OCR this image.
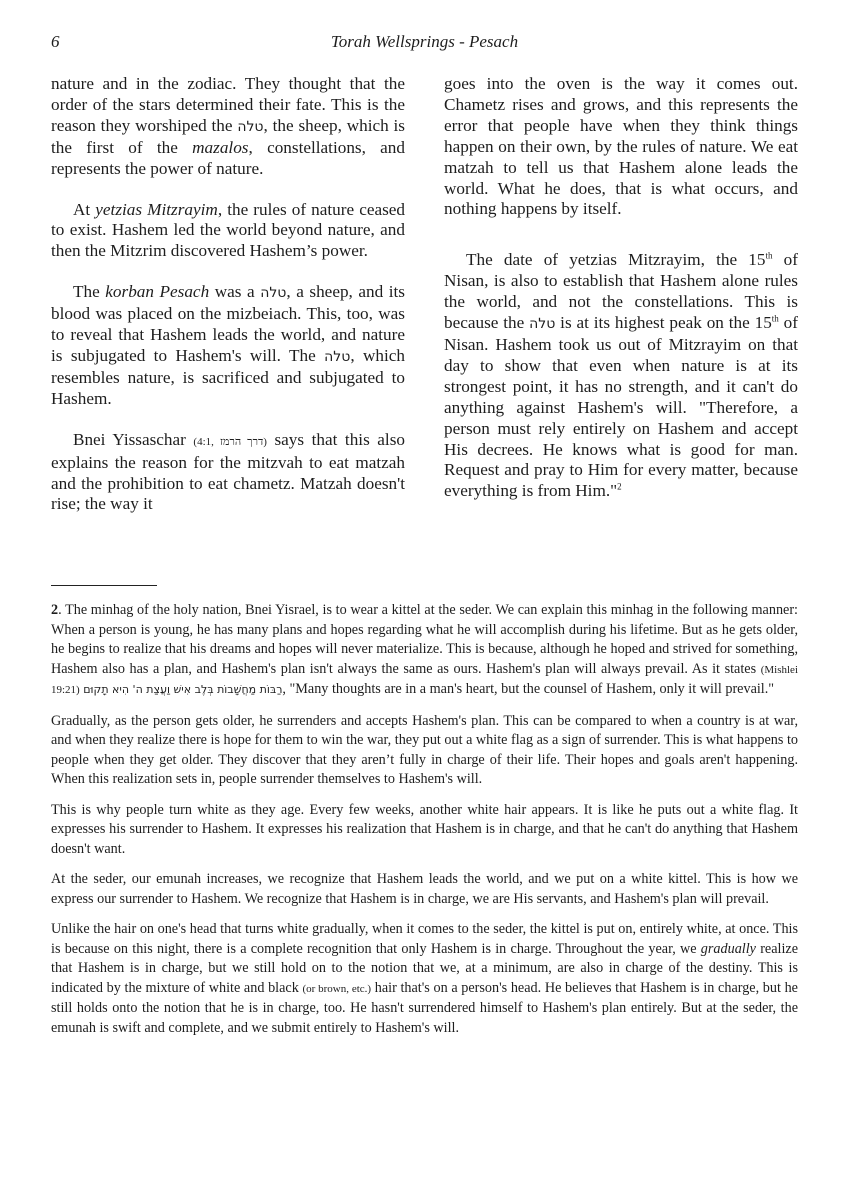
6	Torah Wellsprings - Pesach

nature and in the zodiac. They thought that the order of the stars determined their fate. This is the reason they worshiped the טלה, the sheep, which is the first of the mazalos, constellations, and represents the power of nature.

At yetzias Mitzrayim, the rules of nature ceased to exist. Hashem led the world beyond nature, and then the Mitzrim discovered Hashem’s power.

The korban Pesach was a טלה, a sheep, and its blood was placed on the mizbeiach. This, too, was to reveal that Hashem leads the world, and nature is subjugated to Hashem's will. The טלה, which resembles nature, is sacrificed and subjugated to Hashem.

Bnei Yissaschar (4:1, דרך הרמז) says that this also explains the reason for the mitzvah to eat matzah and the prohibition to eat chametz. Matzah doesn't rise; the way it

goes into the oven is the way it comes out. Chametz rises and grows, and this represents the error that people have when they think things happen on their own, by the rules of nature. We eat matzah to tell us that Hashem alone leads the world. What he does, that is what occurs, and nothing happens by itself.

The date of yetzias Mitzrayim, the 15th of Nisan, is also to establish that Hashem alone rules the world, and not the constellations. This is because the טלה is at its highest peak on the 15th of Nisan. Hashem took us out of Mitzrayim on that day to show that even when nature is at its strongest point, it has no strength, and it can't do anything against Hashem's will. "Therefore, a person must rely entirely on Hashem and accept His decrees. He knows what is good for man. Request and pray to Him for every matter, because everything is from Him."$^2$

2. The minhag of the holy nation, Bnei Yisrael, is to wear a kittel at the seder. We can explain this minhag in the following manner: When a person is young, he has many plans and hopes regarding what he will accomplish during his lifetime. But as he gets older, he begins to realize that his dreams and hopes will never materialize. This is because, although he hoped and strived for something, Hashem also has a plan, and Hashem's plan isn't always the same as ours. Hashem's plan will always prevail. As it states (Mishlei 19:21) רַבּוֹת מַחֲשָׁבוֹת בְּלֶב אִישׁ וַעֲצַת ה' הִיא תָקוּם, "Many thoughts are in a man's heart, but the counsel of Hashem, only it will prevail."

Gradually, as the person gets older, he surrenders and accepts Hashem's plan. This can be compared to when a country is at war, and when they realize there is hope for them to win the war, they put out a white flag as a sign of surrender. This is what happens to people when they get older. They discover that they aren’t fully in charge of their life. Their hopes and goals aren't happening. When this realization sets in, people surrender themselves to Hashem's will.

This is why people turn white as they age. Every few weeks, another white hair appears. It is like he puts out a white flag. It expresses his surrender to Hashem. It expresses his realization that Hashem is in charge, and that he can't do anything that Hashem doesn't want.

At the seder, our emunah increases, we recognize that Hashem leads the world, and we put on a white kittel. This is how we express our surrender to Hashem. We recognize that Hashem is in charge, we are His servants, and Hashem's plan will prevail.

Unlike the hair on one's head that turns white gradually, when it comes to the seder, the kittel is put on, entirely white, at once. This is because on this night, there is a complete recognition that only Hashem is in charge. Throughout the year, we gradually realize that Hashem is in charge, but we still hold on to the notion that we, at a minimum, are also in charge of the destiny. This is indicated by the mixture of white and black (or brown, etc.) hair that's on a person's head. He believes that Hashem is in charge, but he still holds onto the notion that he is in charge, too. He hasn't surrendered himself to Hashem's plan entirely. But at the seder, the emunah is swift and complete, and we submit entirely to Hashem's will.
